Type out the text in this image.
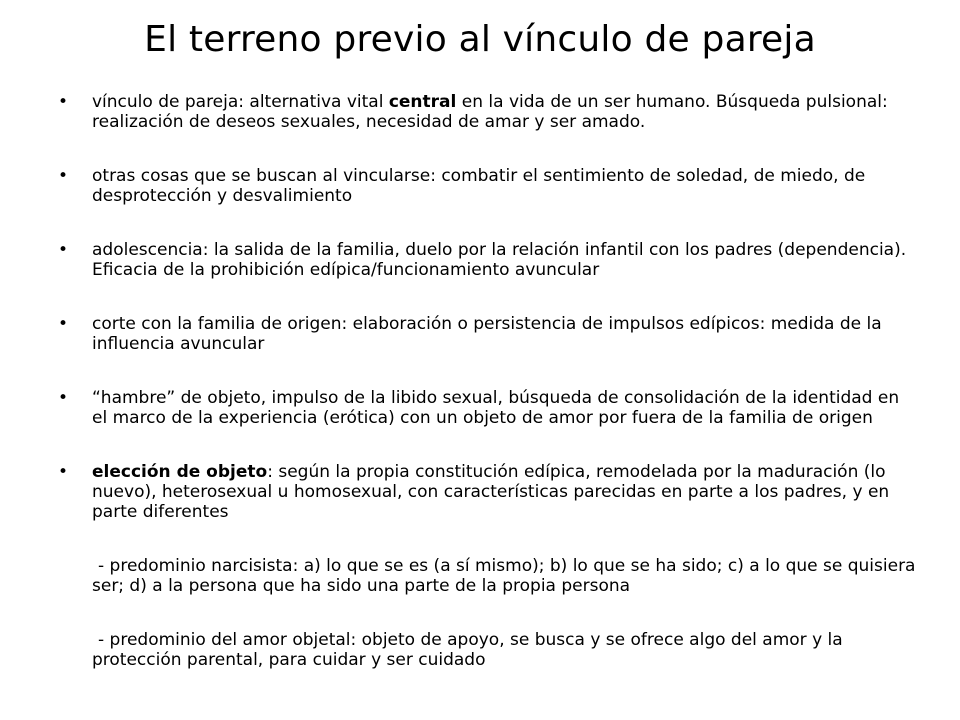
El terreno previo al vínculo de pareja
•	vínculo de pareja: alternativa vital central en la vida de un ser humano. Búsqueda pulsional: realización de deseos sexuales, necesidad de amar y ser amado.
•	otras cosas que se buscan al vincularse: combatir el sentimiento de soledad, de miedo, de desprotección y desvalimiento
•	adolescencia: la salida de la familia, duelo por la relación infantil con los padres (dependencia). Eficacia de la prohibición edípica/funcionamiento avuncular
•	corte con la familia de origen: elaboración o persistencia de impulsos edípicos: medida de la influencia avuncular
•	“hambre” de objeto, impulso de la libido sexual, búsqueda de consolidación de la identidad en el marco de la experiencia (erótica) con un objeto de amor por fuera de la familia de origen
•	elección de objeto: según la propia constitución edípica, remodelada por la maduración (lo nuevo), heterosexual u homosexual, con características parecidas en parte a los padres, y en parte diferentes

- predominio narcisista: a) lo que se es (a sí mismo); b) lo que se ha sido; c) a lo que se quisiera ser; d) a la persona que ha sido una parte de la propia persona

- predominio del amor objetal: objeto de apoyo, se busca y se ofrece algo del amor y la protección parental, para cuidar y ser cuidado
